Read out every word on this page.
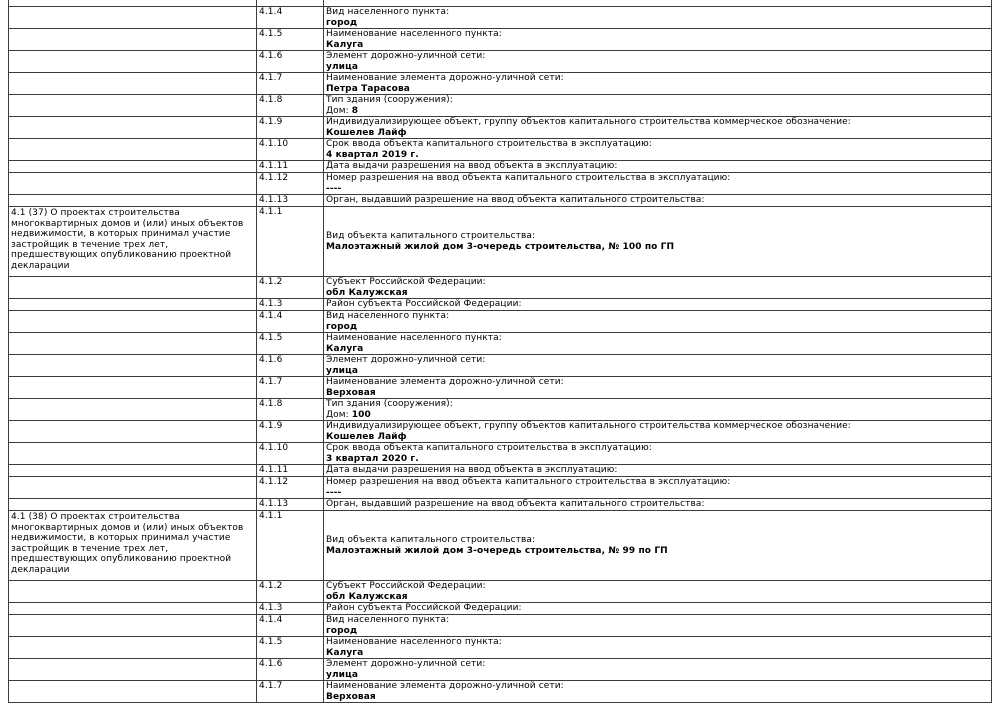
	4.1.4	Вид населенного пункта:
город

	4.1.5	Наименование населенного пункта:
Калуга

	4.1.6	Элемент дорожно-уличной сети:
улица

	4.1.7	Наименование элемента дорожно-уличной сети:
Петра Тарасова

	4.1.8	Тип здания (сооружения):
Дом: 8

	4.1.9	Индивидуализирующее объект, группу объектов капитального строительства коммерческое обозначение:
Кошелев Лайф

	4.1.10	Срок ввода объекта капитального строительства в эксплуатацию:
4 квартал 2019 г.

	4.1.11	Дата выдачи разрешения на ввод объекта в эксплуатацию:

	4.1.12	Номер разрешения на ввод объекта капитального строительства в эксплуатацию:
----

	4.1.13	Орган, выдавший разрешение на ввод объекта капитального строительства:

4.1 (37) О проектах строительства многоквартирных домов и (или) иных объектов недвижимости, в которых принимал участие застройщик в течение трех лет, предшествующих опубликованию проектной декларации	4.1.1	Вид объекта капитального строительства:
Малоэтажный жилой дом 3-очередь строительства, № 100 по ГП

	4.1.2	Субъект Российской Федерации:
обл Калужская

	4.1.3	Район субъекта Российской Федерации:

	4.1.4	Вид населенного пункта:
город

	4.1.5	Наименование населенного пункта:
Калуга

	4.1.6	Элемент дорожно-уличной сети:
улица

	4.1.7	Наименование элемента дорожно-уличной сети:
Верховая

	4.1.8	Тип здания (сооружения):
Дом: 100

	4.1.9	Индивидуализирующее объект, группу объектов капитального строительства коммерческое обозначение:
Кошелев Лайф

	4.1.10	Срок ввода объекта капитального строительства в эксплуатацию:
3 квартал 2020 г.

	4.1.11	Дата выдачи разрешения на ввод объекта в эксплуатацию:

	4.1.12	Номер разрешения на ввод объекта капитального строительства в эксплуатацию:
----

	4.1.13	Орган, выдавший разрешение на ввод объекта капитального строительства:

4.1 (38) О проектах строительства многоквартирных домов и (или) иных объектов недвижимости, в которых принимал участие застройщик в течение трех лет, предшествующих опубликованию проектной декларации	4.1.1	Вид объекта капитального строительства:
Малоэтажный жилой дом 3-очередь строительства, № 99 по ГП

	4.1.2	Субъект Российской Федерации:
обл Калужская

	4.1.3	Район субъекта Российской Федерации:

	4.1.4	Вид населенного пункта:
город

	4.1.5	Наименование населенного пункта:
Калуга

	4.1.6	Элемент дорожно-уличной сети:
улица

	4.1.7	Наименование элемента дорожно-уличной сети:
Верховая
